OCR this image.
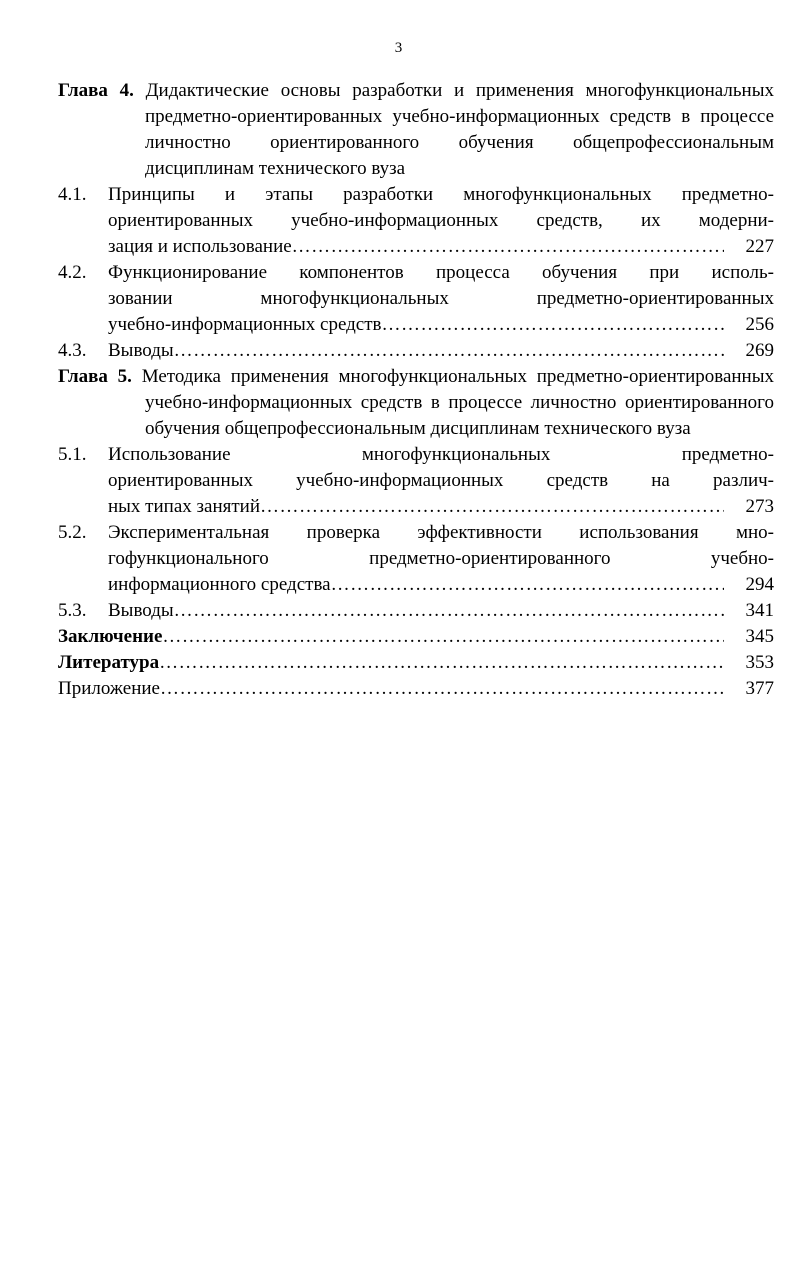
3
Глава 4. Дидактические основы разработки и применения многофункциональных предметно-ориентированных учебно-информационных средств в процессе личностно ориентированного обучения общепрофессиональным дисциплинам технического вуза
4.1. Принципы и этапы разработки многофункциональных предметно-
ориентированных учебно-информационных средств, их модерни-
зация и использование ……………………………………………………………………………………………………………………………………………………………………	227
4.2. Функционирование компонентов процесса обучения при исполь-
зовании многофункциональных предметно-ориентированных
учебно-информационных средств ……………………………………………………………………………………………………………………………………………………………………	256
4.3. Выводы ……………………………………………………………………………………………………………………………………………………………………	269
Глава 5. Методика применения многофункциональных предметно-ориентированных учебно-информационных средств в процессе личностно ориентированного обучения общепрофессиональным дисциплинам технического вуза
5.1. Использование многофункциональных предметно-
ориентированных учебно-информационных средств на различ-
ных типах занятий ……………………………………………………………………………………………………………………………………………………………………	273
5.2. Экспериментальная проверка эффективности использования мно-
гофункционального предметно-ориентированного учебно-
информационного средства ……………………………………………………………………………………………………………………………………………………………………	294
5.3. Выводы ……………………………………………………………………………………………………………………………………………………………………	341
Заключение ……………………………………………………………………………………………………………………………………………………………………	345
Литература ……………………………………………………………………………………………………………………………………………………………………	353
Приложение ……………………………………………………………………………………………………………………………………………………………………	377
